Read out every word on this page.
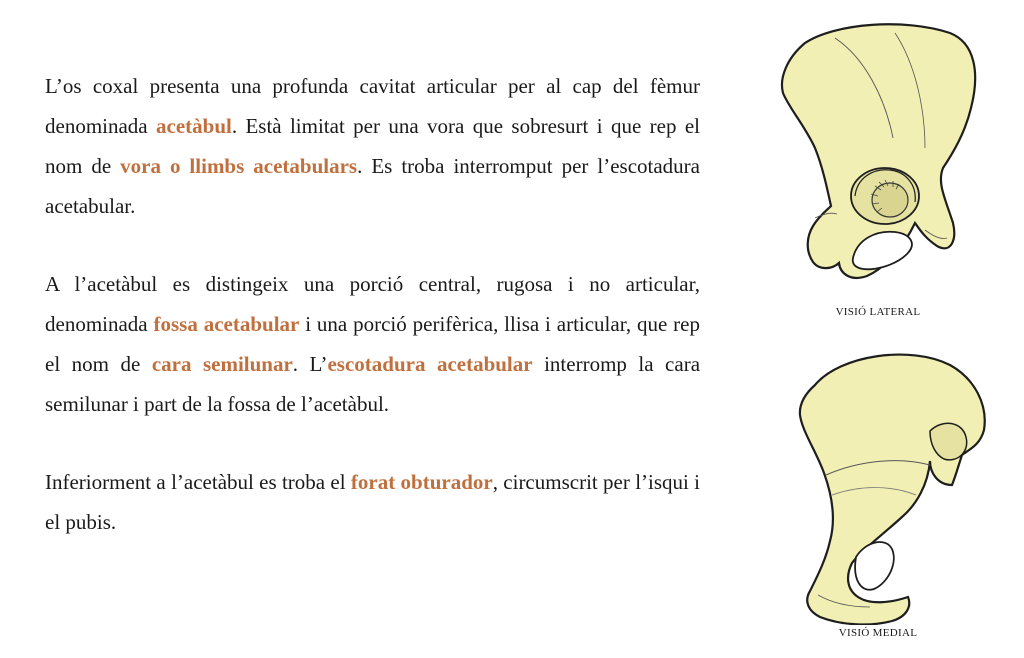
L’os coxal presenta una profunda cavitat articular per al cap del fèmur denominada acetàbul. Està limitat per una vora que sobresurt i que rep el nom de vora o llimbs acetabulars. Es troba interromput per l’escotadura acetabular.

A l’acetàbul es distingeix una porció central, rugosa i no articular, denominada fossa acetabular i una porció perifèrica, llisa i articular, que rep el nom de cara semilunar. L’escotadura acetabular interromp la cara semilunar i part de la fossa de l’acetàbul.

Inferiorment a l’acetàbul es troba el forat obturador, circumscrit per l’isqui i el pubis.

VISIÓ LATERAL
VISIÓ MEDIAL
